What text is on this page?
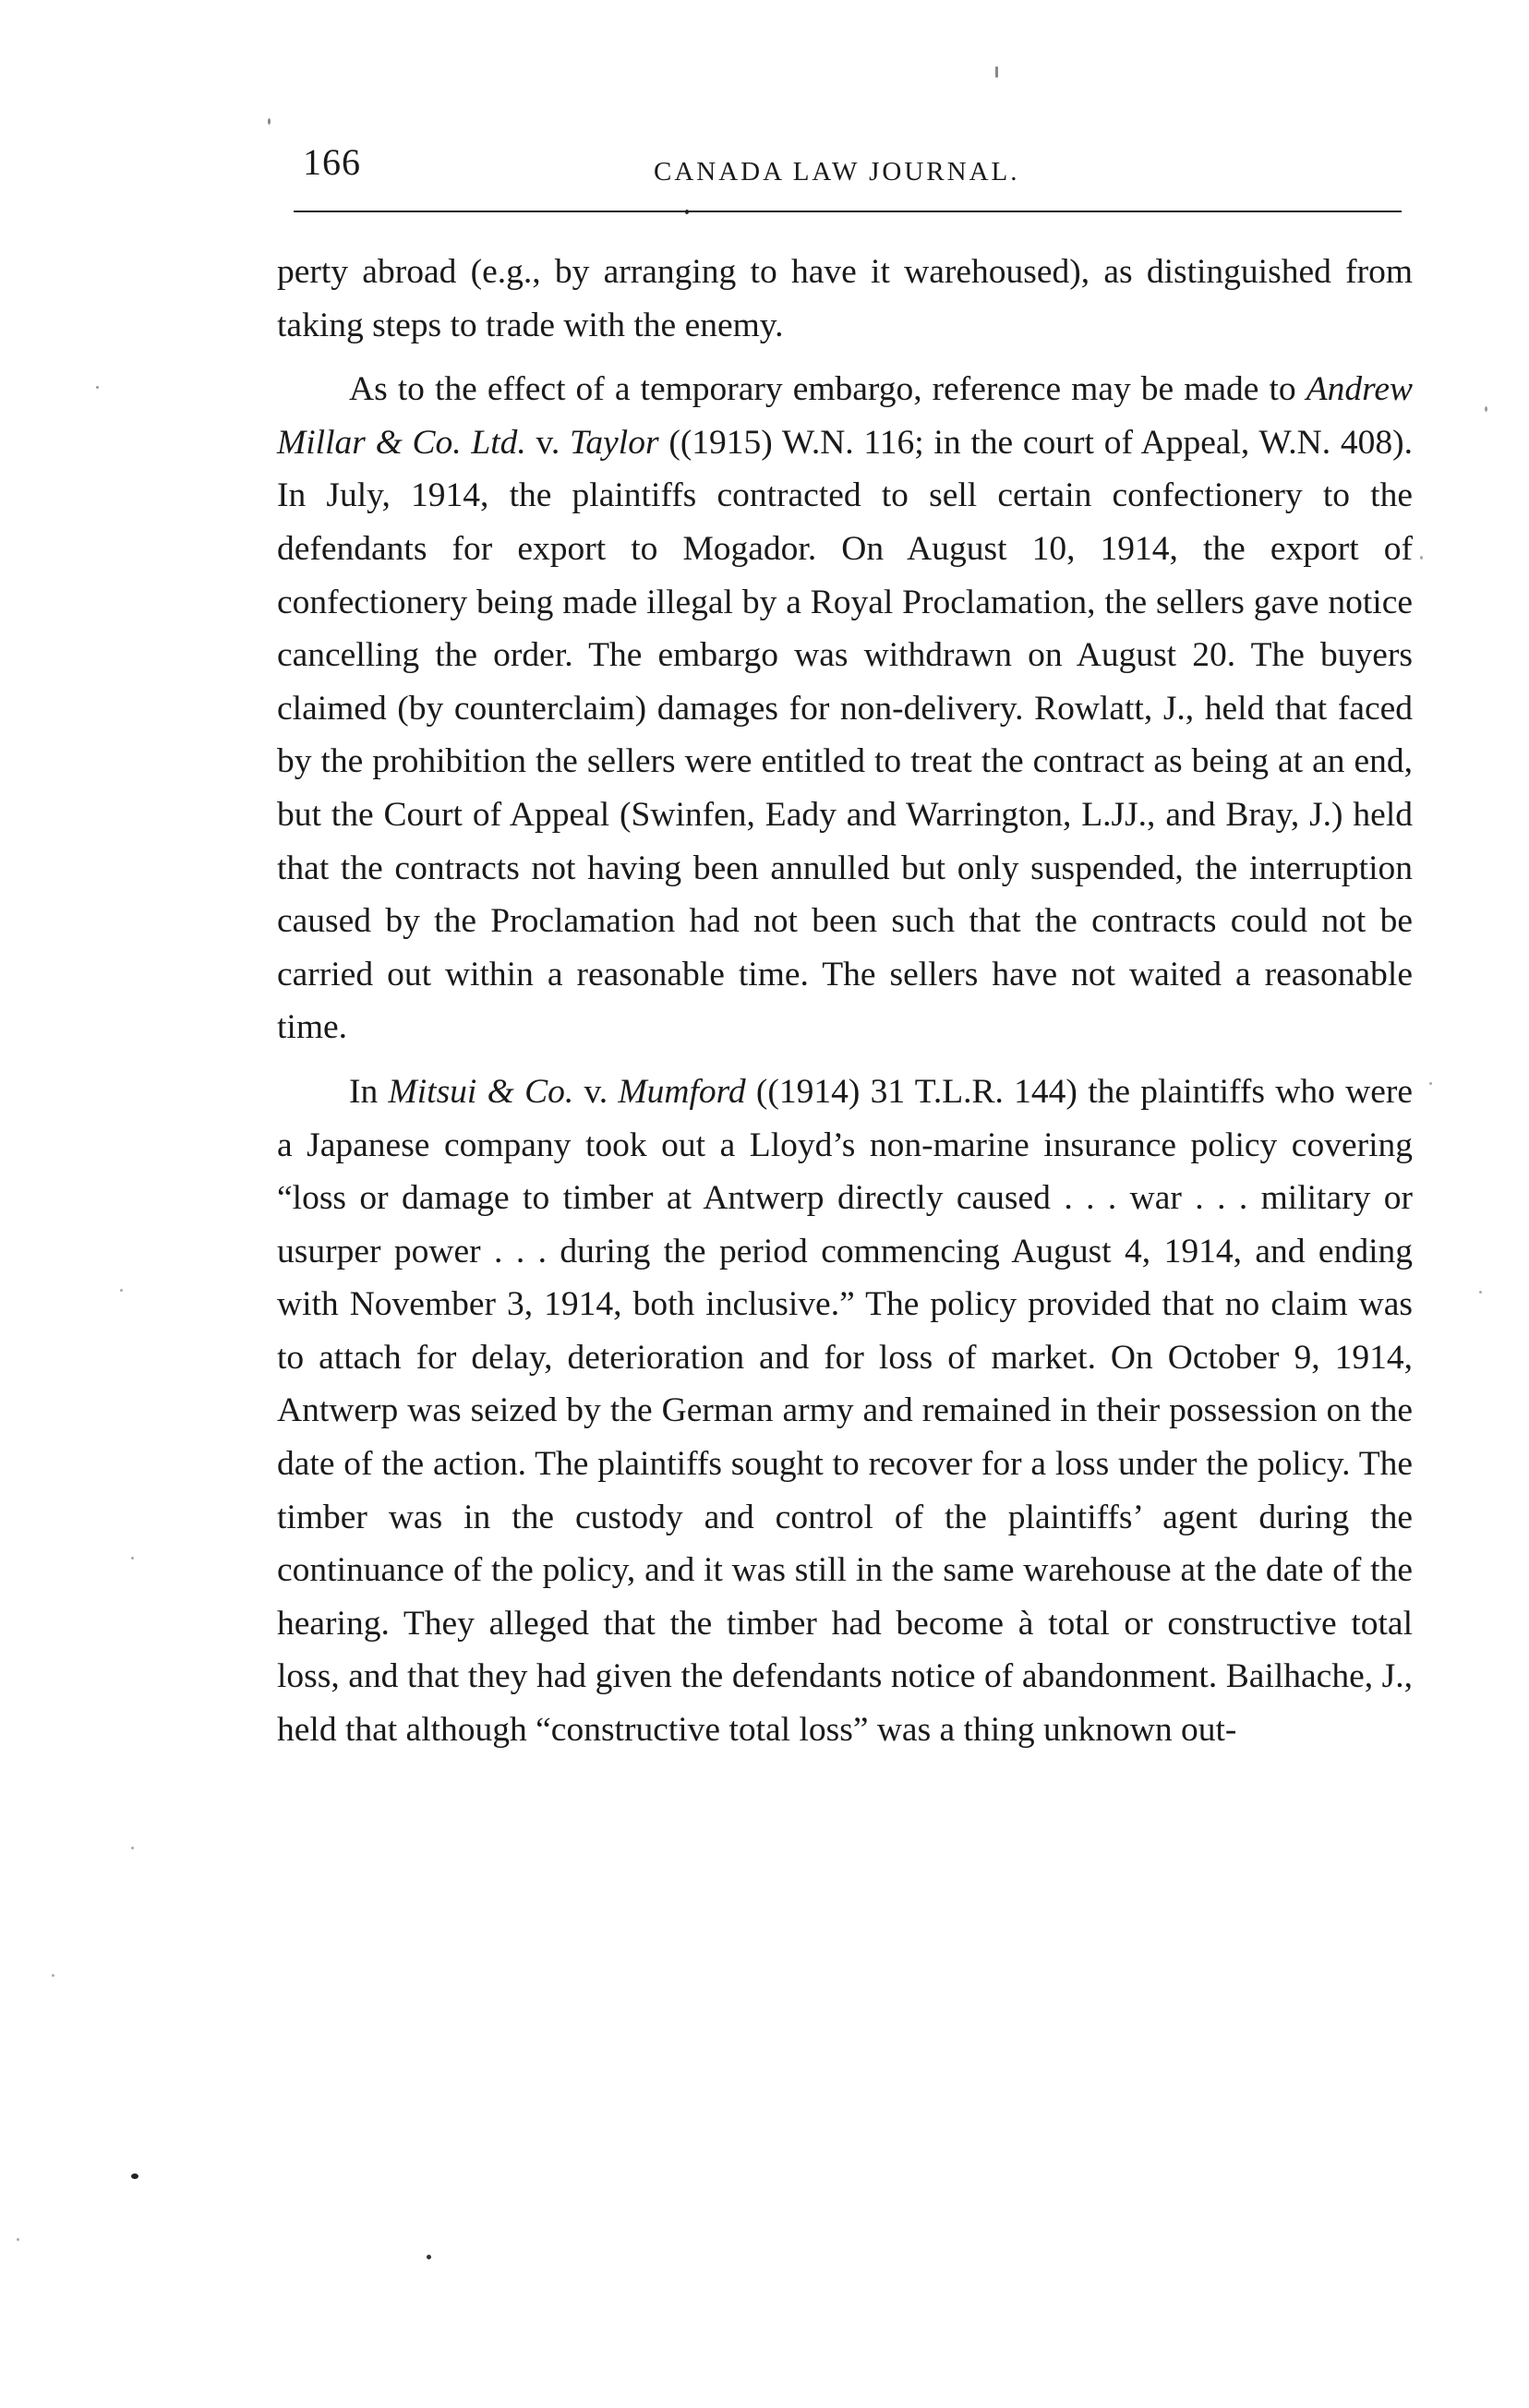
166	CANADA LAW JOURNAL.

perty abroad (e.g., by arranging to have it warehoused), as distinguished from taking steps to trade with the enemy.

As to the effect of a temporary embargo, reference may be made to Andrew Millar & Co. Ltd. v. Taylor ((1915) W.N. 116; in the court of Appeal, W.N. 408). In July, 1914, the plaintiffs contracted to sell certain confectionery to the defendants for export to Mogador. On August 10, 1914, the export of confectionery being made illegal by a Royal Proclamation, the sellers gave notice cancelling the order. The embargo was withdrawn on August 20. The buyers claimed (by counterclaim) damages for non-delivery. Rowlatt, J., held that faced by the prohibition the sellers were entitled to treat the contract as being at an end, but the Court of Appeal (Swinfen, Eady and Warrington, L.JJ., and Bray, J.) held that the contracts not having been annulled but only suspended, the interruption caused by the Proclamation had not been such that the contracts could not be carried out within a reasonable time. The sellers have not waited a reasonable time.

In Mitsui & Co. v. Mumford ((1914) 31 T.L.R. 144) the plaintiffs who were a Japanese company took out a Lloyd’s non-marine insurance policy covering “loss or damage to timber at Antwerp directly caused . . . war . . . military or usurper power . . . during the period commencing August 4, 1914, and ending with November 3, 1914, both inclusive.” The policy provided that no claim was to attach for delay, deterioration and for loss of market. On October 9, 1914, Antwerp was seized by the German army and remained in their possession on the date of the action. The plaintiffs sought to recover for a loss under the policy. The timber was in the custody and control of the plaintiffs’ agent during the continuance of the policy, and it was still in the same warehouse at the date of the hearing. They alleged that the timber had become à total or constructive total loss, and that they had given the defendants notice of abandonment. Bailhache, J., held that although “constructive total loss” was a thing unknown out-
